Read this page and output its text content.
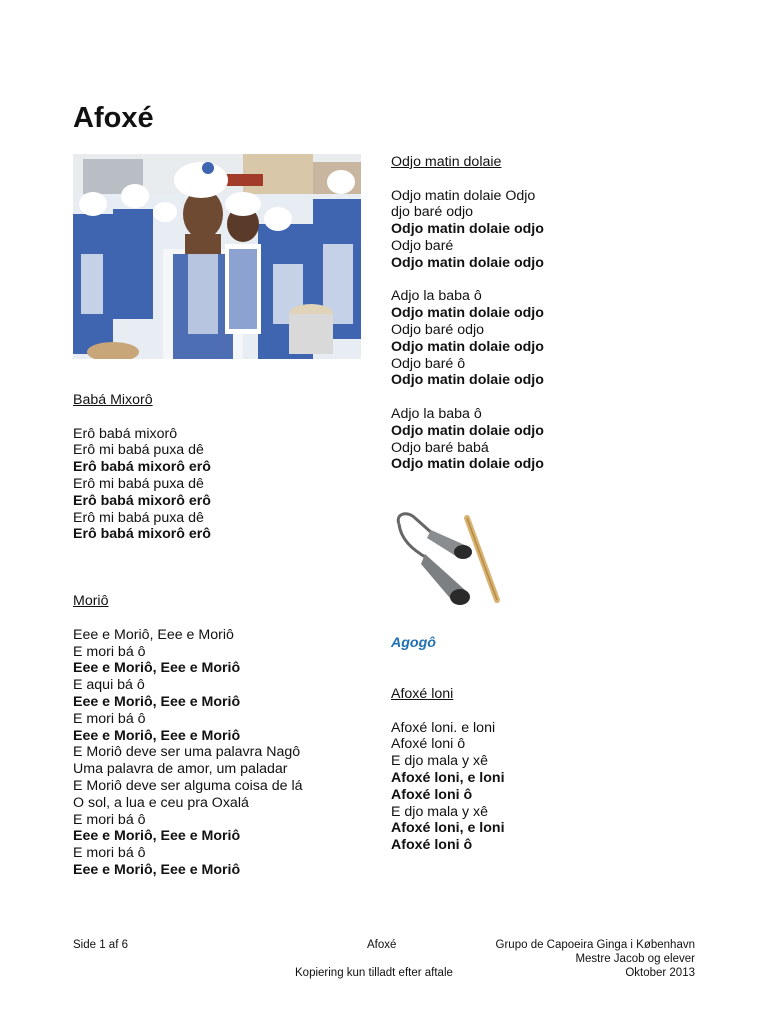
Afoxé
Babá Mixorô
Erô babá mixorô
Erô mi babá puxa dê
Erô babá mixorô erô
Erô mi babá puxa dê
Erô babá mixorô erô
Erô mi babá puxa dê
Erô babá mixorô erô
Moriô
Eee e Moriô, Eee e Moriô
E mori bá ô
Eee e Moriô, Eee e Moriô
E aqui bá ô
Eee e Moriô, Eee e Moriô
E mori bá ô
Eee e Moriô, Eee e Moriô
E Moriô deve ser uma palavra Nagô
Uma palavra de amor, um paladar
E Moriô deve ser alguma coisa de lá
O sol, a lua e ceu pra Oxalá
E mori bá ô
Eee e Moriô, Eee e Moriô
E mori bá ô
Eee e Moriô, Eee e Moriô
Odjo matin dolaie
Odjo matin dolaie Odjo
djo baré odjo
Odjo matin dolaie odjo
Odjo baré
Odjo matin dolaie odjo
Adjo la baba ô
Odjo matin dolaie odjo
Odjo baré odjo
Odjo matin dolaie odjo
Odjo baré ô
Odjo matin dolaie odjo
Adjo la baba ô
Odjo matin dolaie odjo
Odjo baré babá
Odjo matin dolaie odjo
Agogô
Afoxé loni
Afoxé loni. e loni
Afoxé loni ô
E djo mala y xê
Afoxé loni, e loni
Afoxé loni ô
E djo mala y xê
Afoxé loni, e loni
Afoxé loni ô
Side 1 af 6	Afoxé	Grupo de Capoeira Ginga i København
Mestre Jacob og elever
Oktober 2013
Kopiering kun tilladt efter aftale
